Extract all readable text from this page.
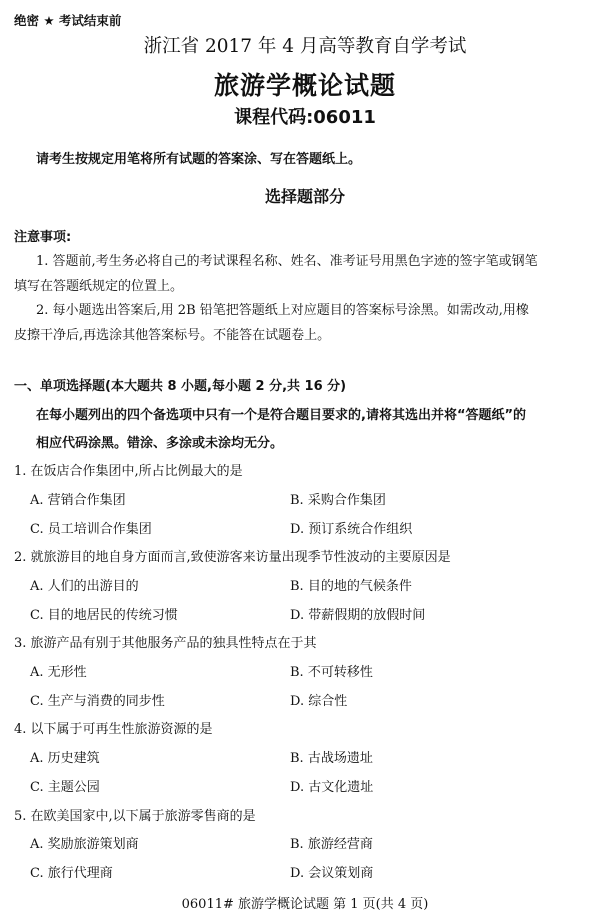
绝密 ★ 考试结束前
浙江省 2017 年 4 月高等教育自学考试
旅游学概论试题
课程代码:06011
请考生按规定用笔将所有试题的答案涂、写在答题纸上。
选择题部分
注意事项:
1. 答题前,考生务必将自己的考试课程名称、姓名、准考证号用黑色字迹的签字笔或钢笔
填写在答题纸规定的位置上。
2. 每小题选出答案后,用 2B 铅笔把答题纸上对应题目的答案标号涂黑。如需改动,用橡
皮擦干净后,再选涂其他答案标号。不能答在试题卷上。
一、单项选择题(本大题共 8 小题,每小题 2 分,共 16 分)
在每小题列出的四个备选项中只有一个是符合题目要求的,请将其选出并将“答题纸”的
相应代码涂黑。错涂、多涂或未涂均无分。
1. 在饭店合作集团中,所占比例最大的是
A. 营销合作集团	B. 采购合作集团
C. 员工培训合作集团	D. 预订系统合作组织
2. 就旅游目的地自身方面而言,致使游客来访量出现季节性波动的主要原因是
A. 人们的出游目的	B. 目的地的气候条件
C. 目的地居民的传统习惯	D. 带薪假期的放假时间
3. 旅游产品有别于其他服务产品的独具性特点在于其
A. 无形性	B. 不可转移性
C. 生产与消费的同步性	D. 综合性
4. 以下属于可再生性旅游资源的是
A. 历史建筑	B. 古战场遗址
C. 主题公园	D. 古文化遗址
5. 在欧美国家中,以下属于旅游零售商的是
A. 奖励旅游策划商	B. 旅游经营商
C. 旅行代理商	D. 会议策划商
06011# 旅游学概论试题 第 1 页(共 4 页)
